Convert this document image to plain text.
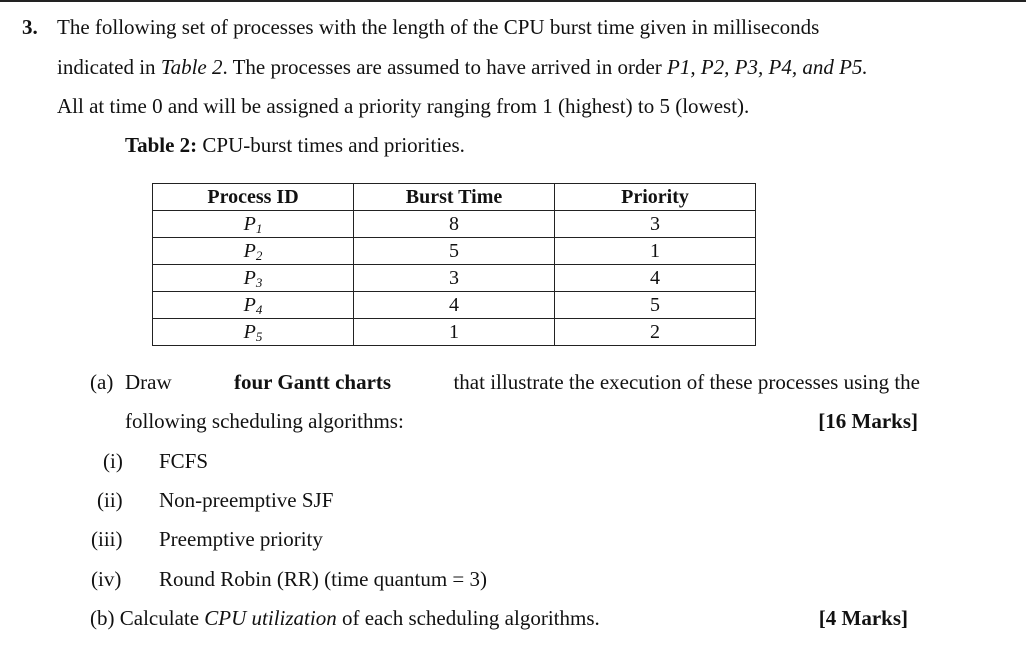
3. The following set of processes with the length of the CPU burst time given in milliseconds
indicated in Table 2. The processes are assumed to have arrived in order P1, P2, P3, P4, and P5.
All at time 0 and will be assigned a priority ranging from 1 (highest) to 5 (lowest).
Table 2: CPU-burst times and priorities.
Process ID	Burst Time	Priority
$P_1$	8	3
$P_2$	5	1
$P_3$	3	4
$P_4$	4	5
$P_5$	1	2
(a) Draw	four Gantt charts	that illustrate the execution of these processes using the
following scheduling algorithms:	[16 Marks]
(i) FCFS
(ii) Non-preemptive SJF
(iii) Preemptive priority
(iv) Round Robin (RR) (time quantum = 3)
(b) Calculate CPU utilization of each scheduling algorithms.	[4 Marks]
